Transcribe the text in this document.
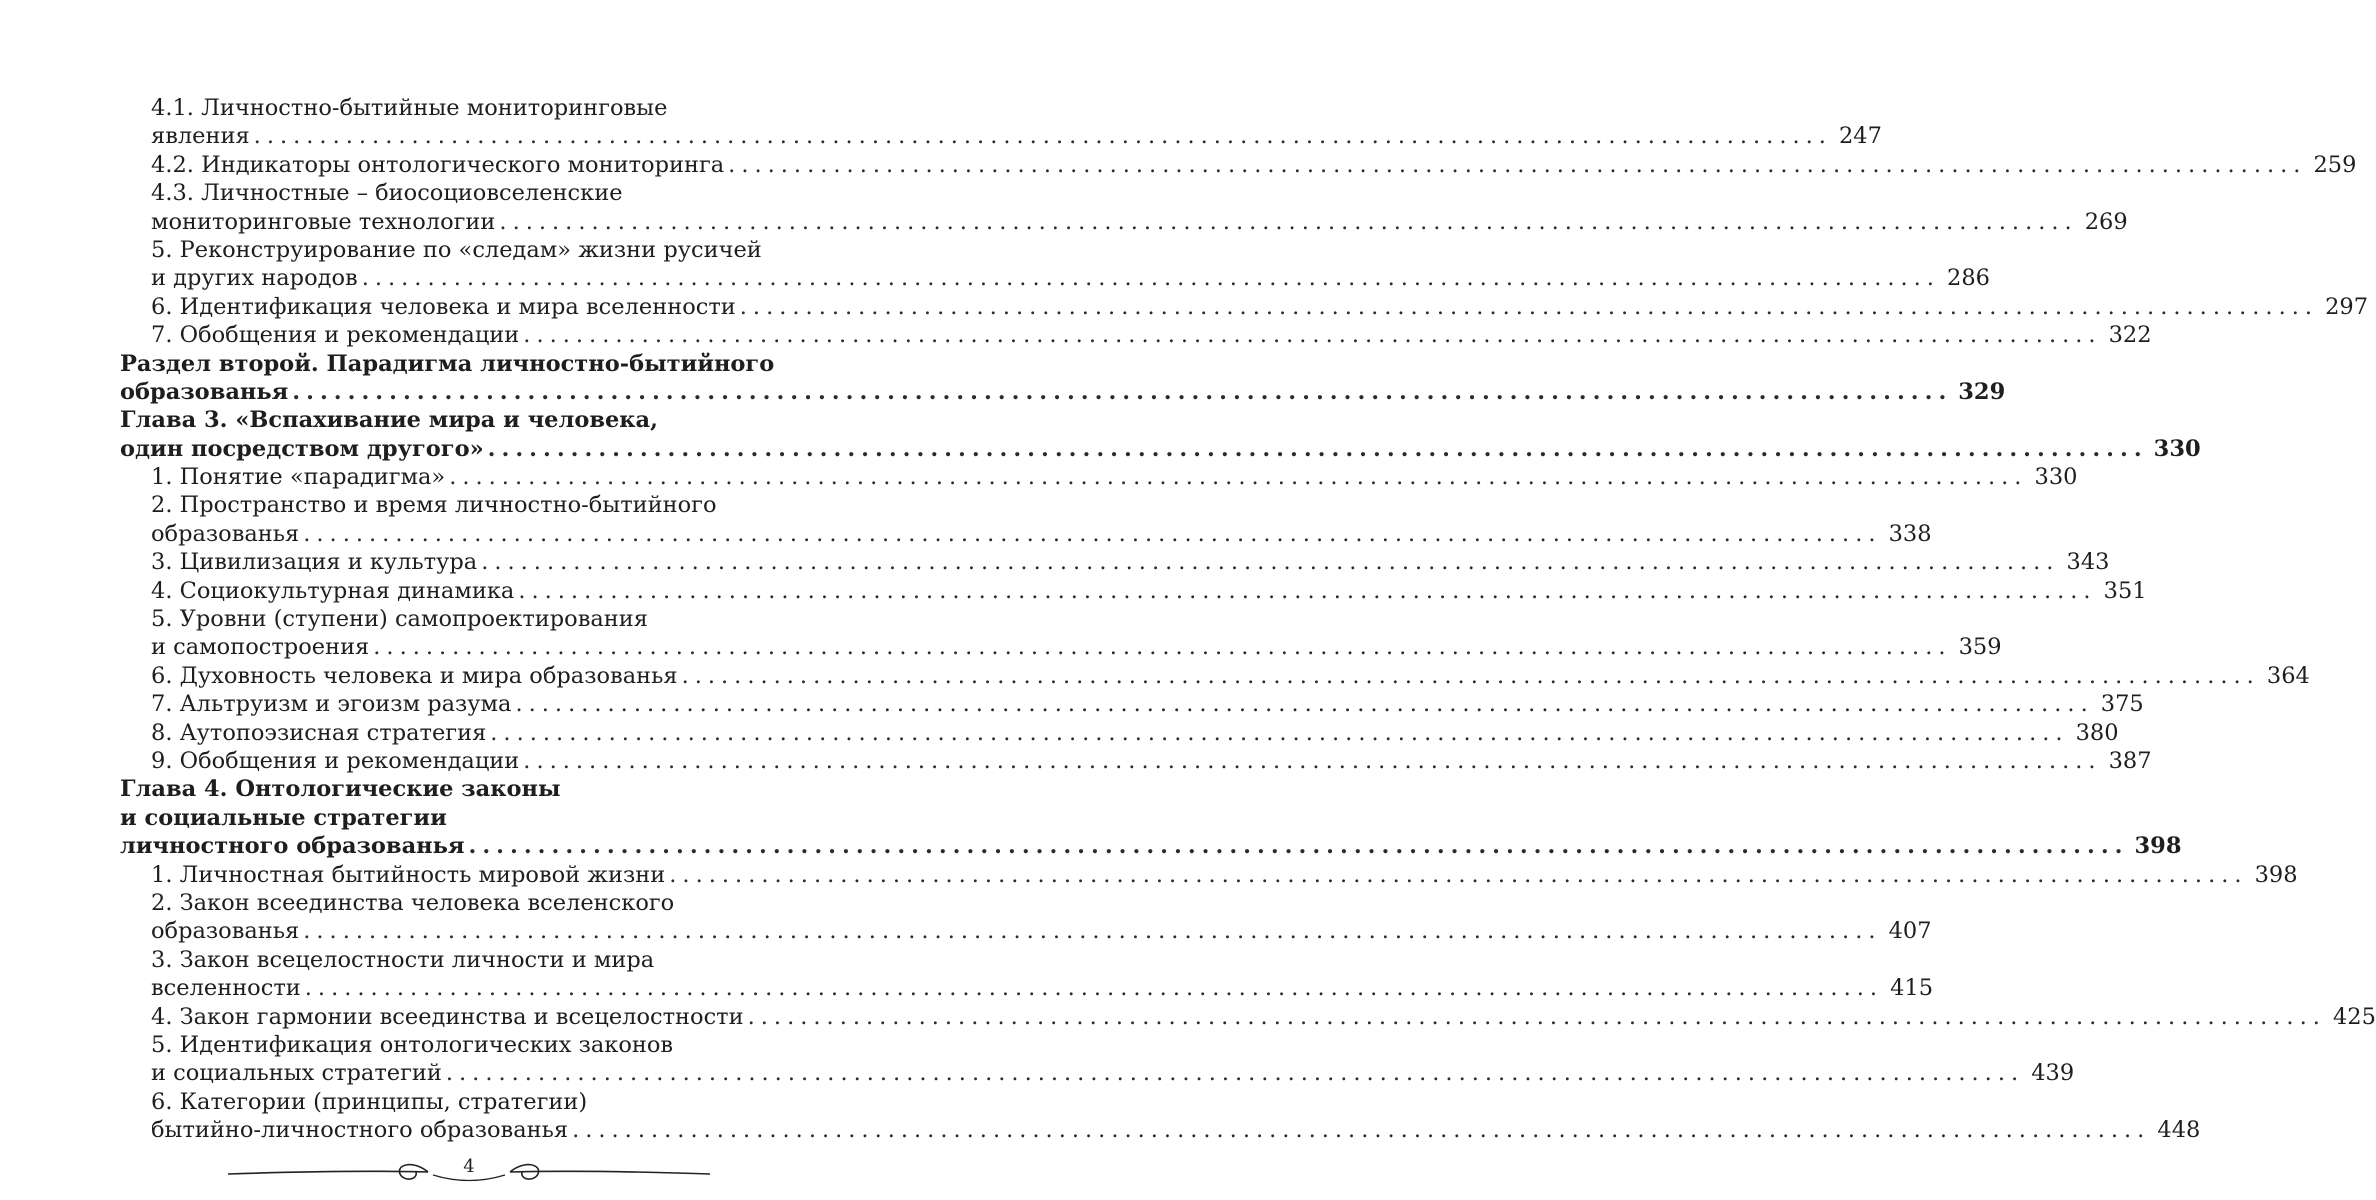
4.1. Личностно-бытийные мониторинговые
явления ........................................................................................................................ 247
4.2. Индикаторы онтологического мониторинга ........................................................................................................................ 259
4.3. Личностные – биосоциовселенские
мониторинговые технологии ........................................................................................................................ 269
5. Реконструирование по «следам» жизни русичей
и других народов ........................................................................................................................ 286
6. Идентификация человека и мира вселенности ........................................................................................................................ 297
7. Обобщения и рекомендации ........................................................................................................................ 322
Раздел второй. Парадигма личностно-бытийного
образованья ........................................................................................................................ 329
Глава 3. «Вспахивание мира и человека,
один посредством другого» ........................................................................................................................ 330
1. Понятие «парадигма» ........................................................................................................................ 330
2. Пространство и время личностно-бытийного
образованья ........................................................................................................................ 338
3. Цивилизация и культура ........................................................................................................................ 343
4. Социокультурная динамика ........................................................................................................................ 351
5. Уровни (ступени) самопроектирования
и самопостроения ........................................................................................................................ 359
6. Духовность человека и мира образованья ........................................................................................................................ 364
7. Альтруизм и эгоизм разума ........................................................................................................................ 375
8. Аутопоэзисная стратегия ........................................................................................................................ 380
9. Обобщения и рекомендации ........................................................................................................................ 387
Глава 4. Онтологические законы
и социальные стратегии
личностного образованья ........................................................................................................................ 398
1. Личностная бытийность мировой жизни ........................................................................................................................ 398
2. Закон всеединства человека вселенского
образованья ........................................................................................................................ 407
3. Закон всецелостности личности и мира
вселенности ........................................................................................................................ 415
4. Закон гармонии всеединства и всецелостности ........................................................................................................................ 425
5. Идентификация онтологических законов
и социальных стратегий ........................................................................................................................ 439
6. Категории (принципы, стратегии)
бытийно-личностного образованья ........................................................................................................................ 448
4
